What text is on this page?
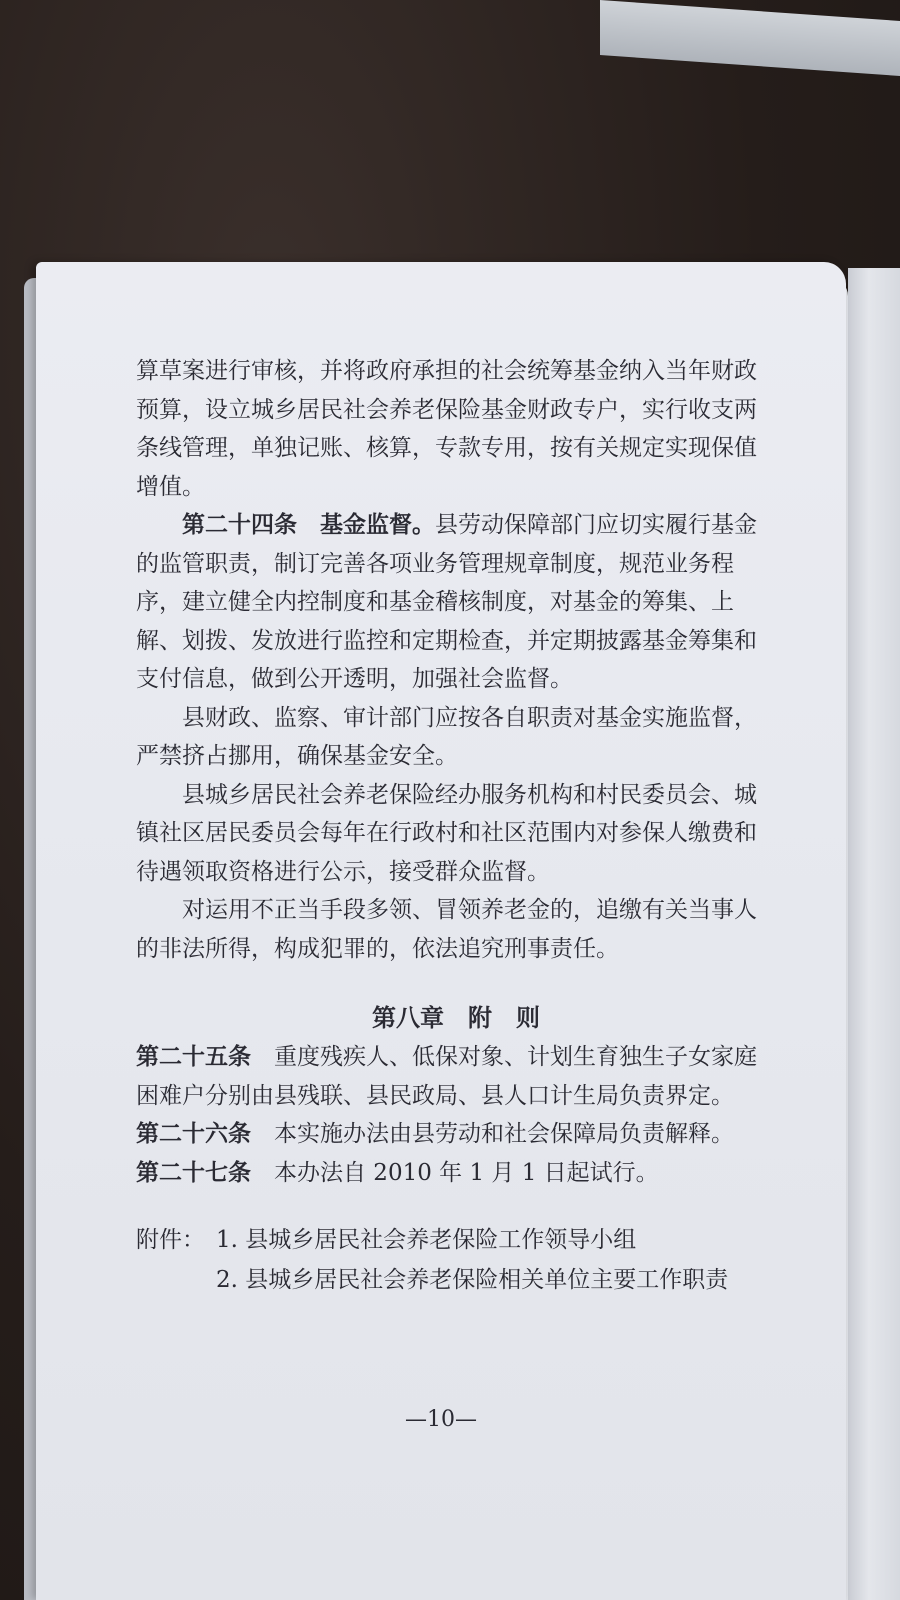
算草案进行审核，并将政府承担的社会统筹基金纳入当年财政预算，设立城乡居民社会养老保险基金财政专户，实行收支两条线管理，单独记账、核算，专款专用，按有关规定实现保值增值。

第二十四条　基金监督。县劳动保障部门应切实履行基金的监管职责，制订完善各项业务管理规章制度，规范业务程序，建立健全内控制度和基金稽核制度，对基金的筹集、上解、划拨、发放进行监控和定期检查，并定期披露基金筹集和支付信息，做到公开透明，加强社会监督。

县财政、监察、审计部门应按各自职责对基金实施监督，严禁挤占挪用，确保基金安全。

县城乡居民社会养老保险经办服务机构和村民委员会、城镇社区居民委员会每年在行政村和社区范围内对参保人缴费和待遇领取资格进行公示，接受群众监督。

对运用不正当手段多领、冒领养老金的，追缴有关当事人的非法所得，构成犯罪的，依法追究刑事责任。

第八章　附　则

第二十五条　重度残疾人、低保对象、计划生育独生子女家庭困难户分别由县残联、县民政局、县人口计生局负责界定。

第二十六条　本实施办法由县劳动和社会保障局负责解释。

第二十七条　本办法自 2010 年 1 月 1 日起试行。

附件： 1. 县城乡居民社会养老保险工作领导小组
2. 县城乡居民社会养老保险相关单位主要工作职责
—10—
